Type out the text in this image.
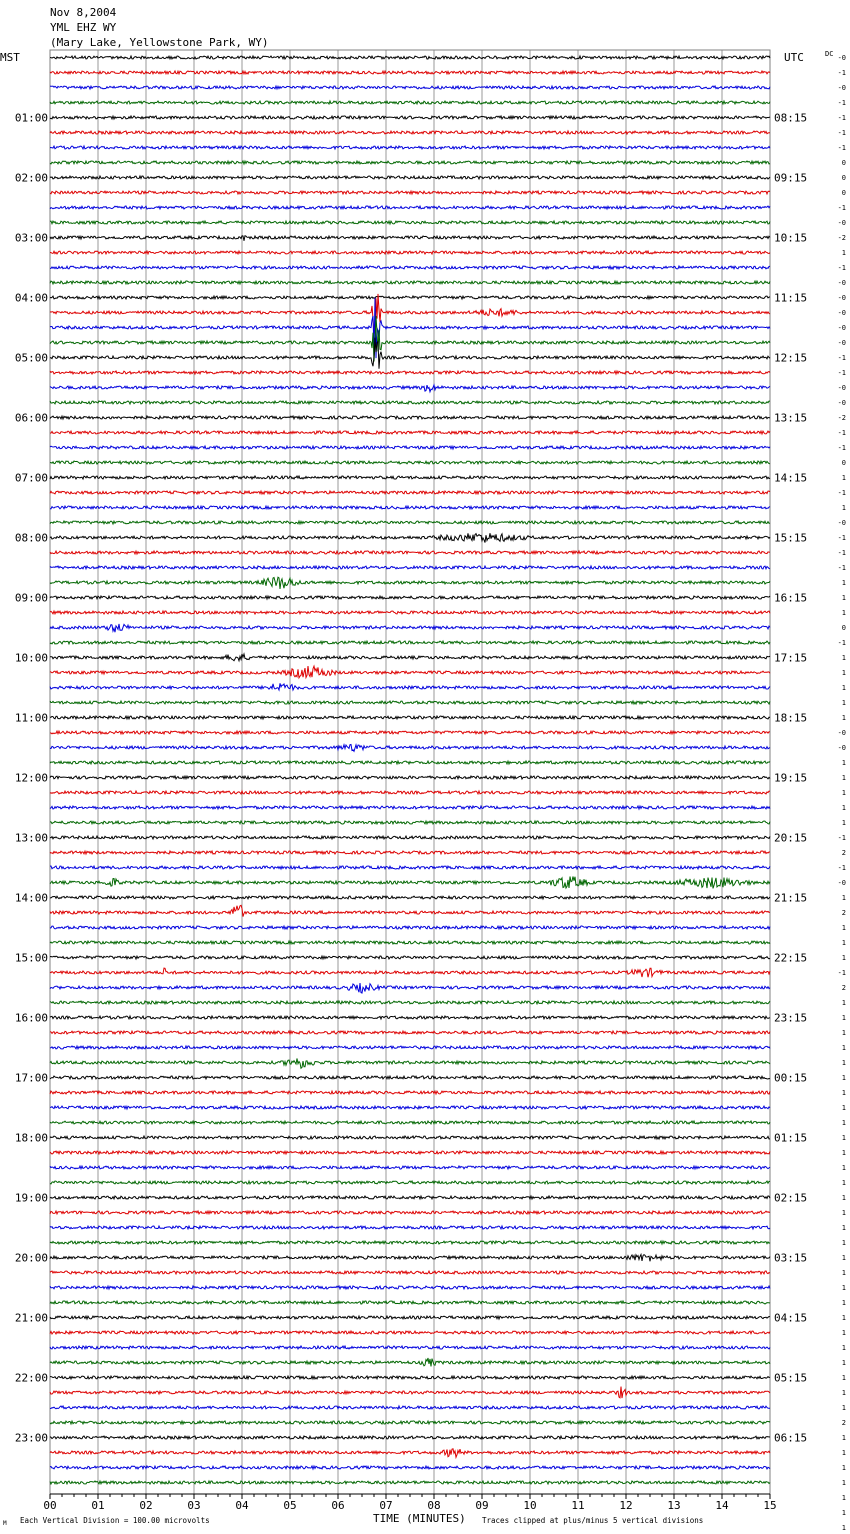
Nov 8,2004
YML EHZ WY
(Mary Lake, Yellowstone Park, WY)
MST	UTC	DC
01:00
02:00
03:00
04:00
05:00
06:00
07:00
08:00
09:00
10:00
11:00
12:00
13:00
14:00
15:00
16:00
17:00
18:00
19:00
20:00
21:00
22:00
23:00
08:15
09:15
10:15
11:15
12:15
13:15
14:15
15:15
16:15
17:15
18:15
19:15
20:15
21:15
22:15
23:15
00:15
01:15
02:15
03:15
04:15
05:15
06:15
-0
-1
-0
-1
-1
-1
-1
0
0
0
-1
-0
-2
1
-1
-0
-0
-0
-0
-0
-1
-1
-0
-0
-2
-1
-1
0
1
-1
1
-0
-1
-1
-1
1
1
1
0
-1
1
1
1
1
1
-0
-0
1
1
1
1
1
-1
2
-1
-0
1
2
1
1
1
-1
2
1
1
1
1
1
1
1
1
1
1
1
1
1
1
1
1
1
1
1
1
1
1
1
1
1
1
1
1
2
1
1
1
1
1
1
1
00	01	02	03	04	05	06	07	08	09	10	11	12	13	14	15
M Each Vertical Division = 100.00 microvolts	TIME (MINUTES) Traces clipped at plus/minus 5 vertical divisions
